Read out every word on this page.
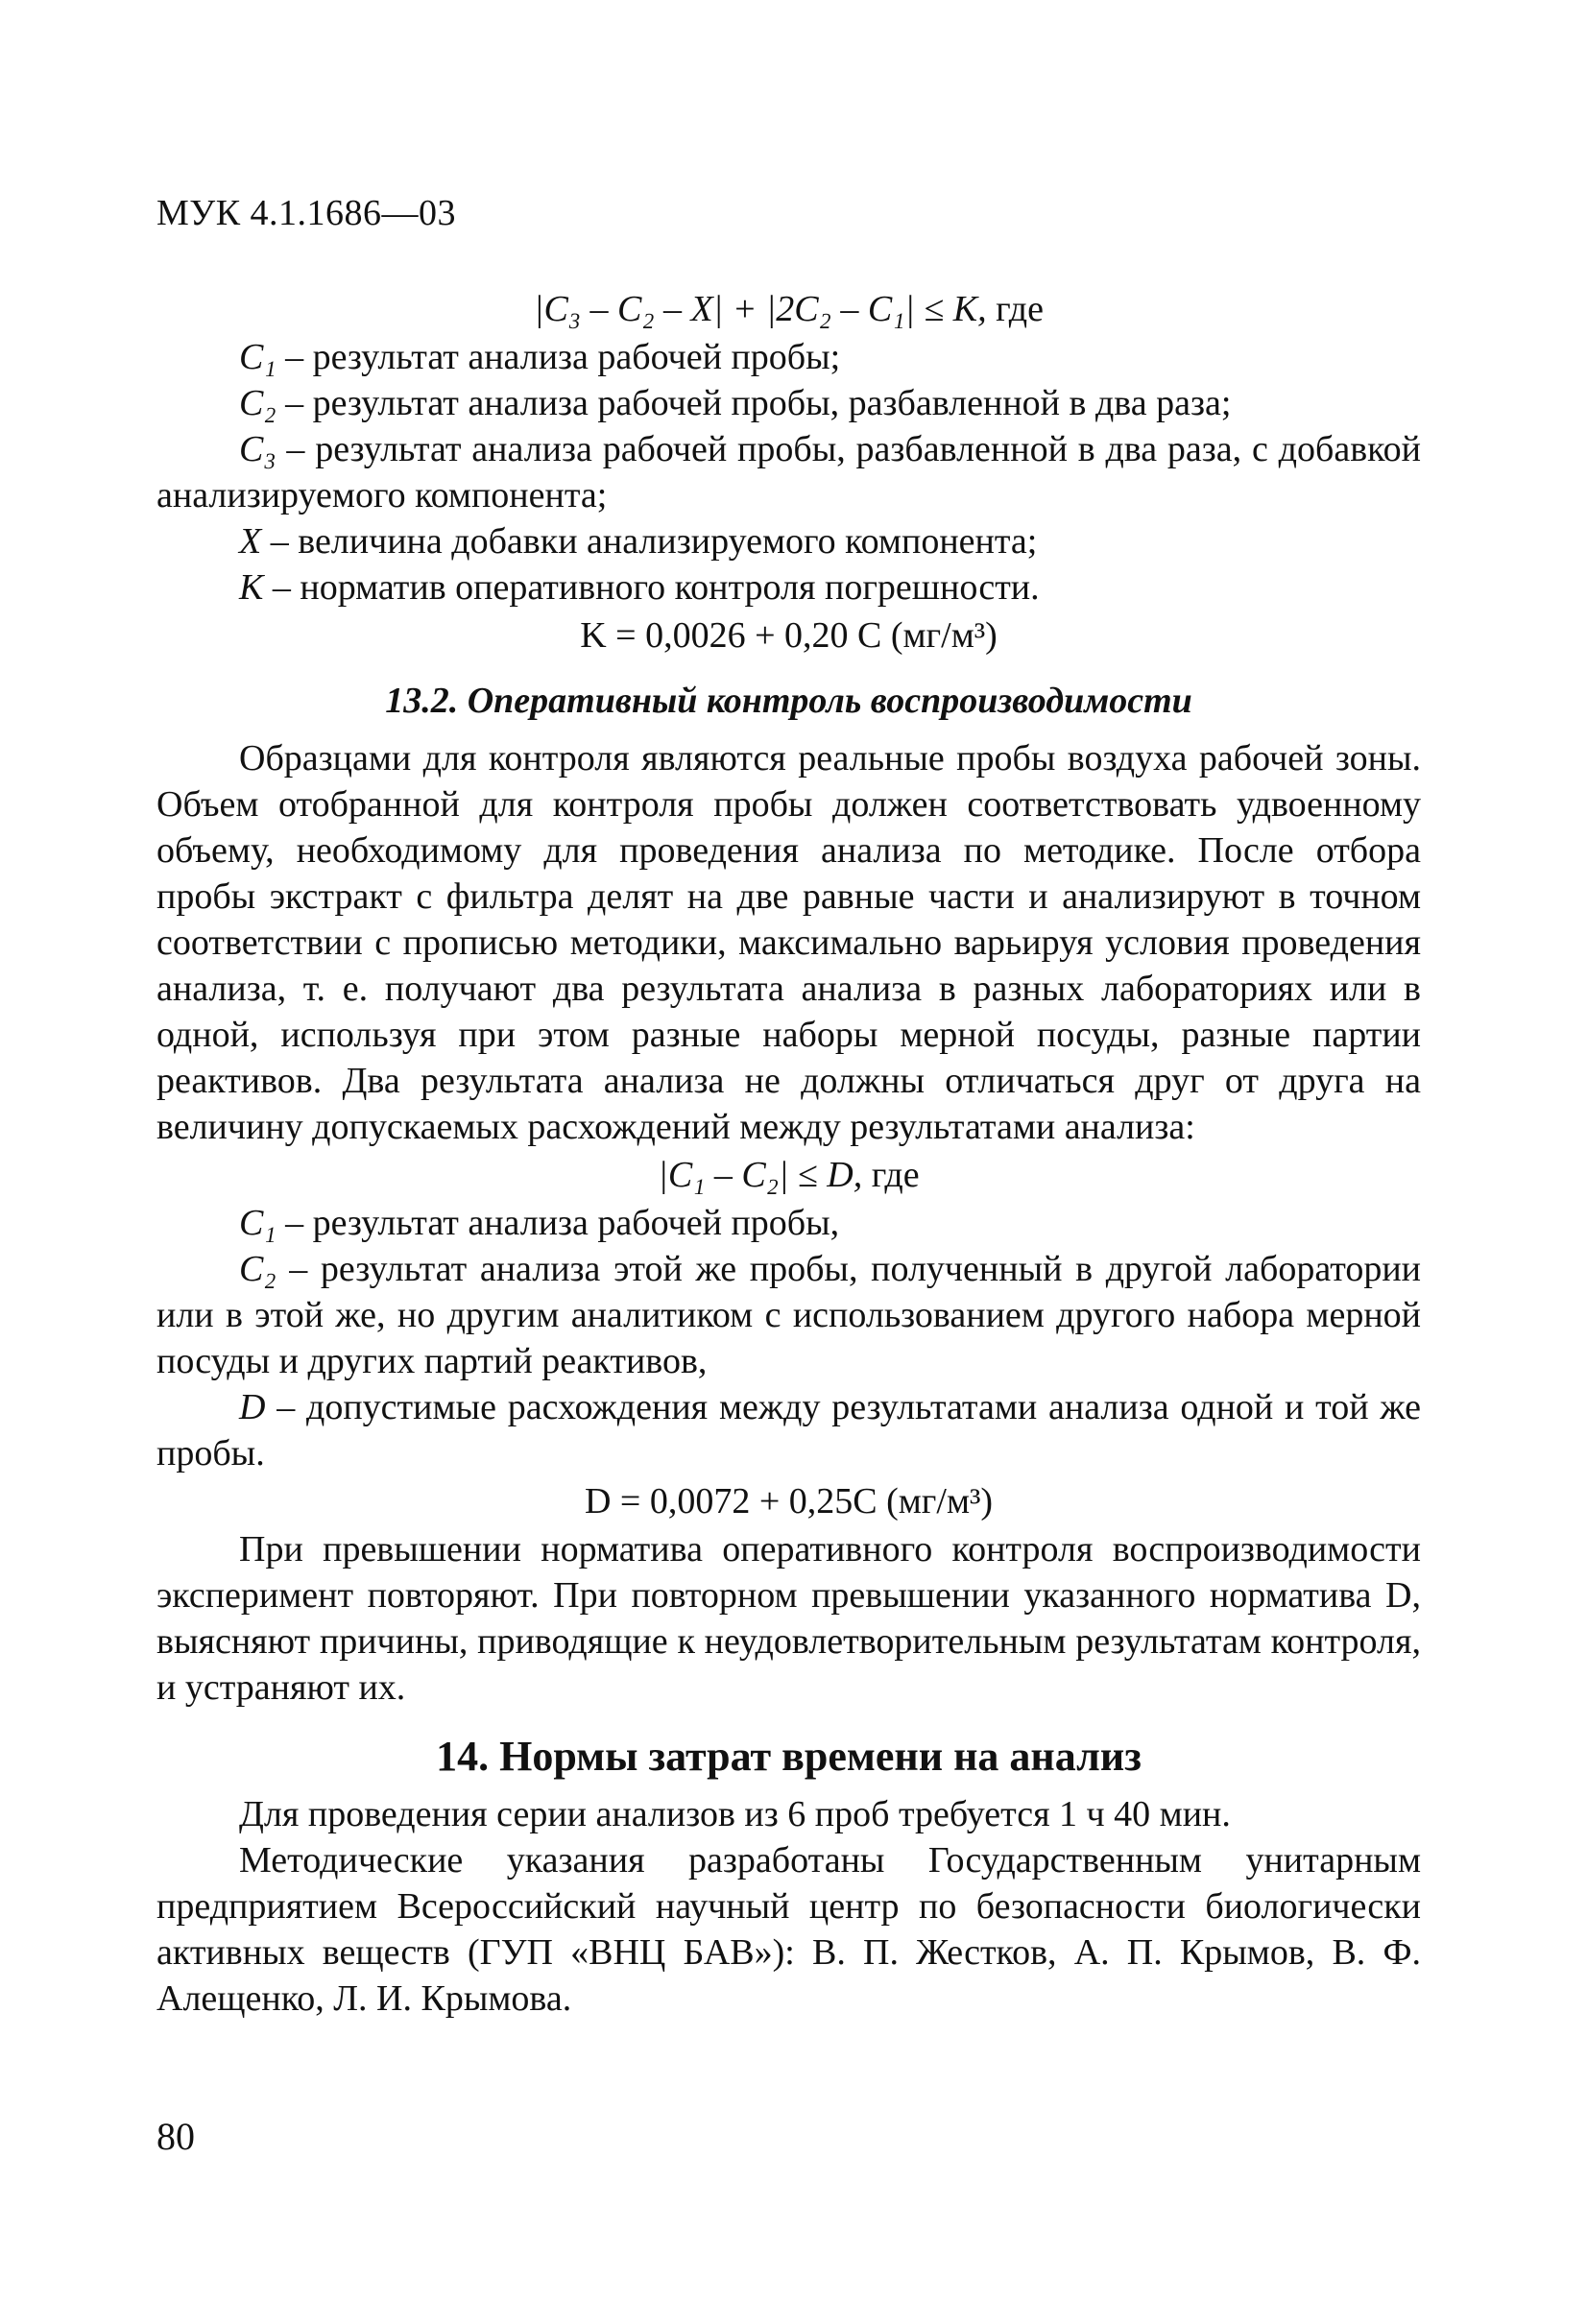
МУК 4.1.1686—03
|C₃ – C₂ – X| + |2C₂ – C₁| ≤ K, где

C₁ – результат анализа рабочей пробы;

C₂ – результат анализа рабочей пробы, разбавленной в два раза;

C₃ – результат анализа рабочей пробы, разбавленной в два раза, с добавкой анализируемого компонента;

X – величина добавки анализируемого компонента;

K – норматив оперативного контроля погрешности.

K = 0,0026 + 0,20 C (мг/м³)
13.2. Оперативный контроль воспроизводимости

Образцами для контроля являются реальные пробы воздуха рабочей зоны. Объем отобранной для контроля пробы должен соответствовать удвоенному объему, необходимому для проведения анализа по методике. После отбора пробы экстракт с фильтра делят на две равные части и анализируют в точном соответствии с прописью методики, максимально варьируя условия проведения анализа, т. е. получают два результата анализа в разных лабораториях или в одной, используя при этом разные наборы мерной посуды, разные партии реактивов. Два результата анализа не должны отличаться друг от друга на величину допускаемых расхождений между результатами анализа:

|C₁ – C₂| ≤ D, где

C₁ – результат анализа рабочей пробы,

C₂ – результат анализа этой же пробы, полученный в другой лаборатории или в этой же, но другим аналитиком с использованием другого набора мерной посуды и других партий реактивов,

D – допустимые расхождения между результатами анализа одной и той же пробы.

D = 0,0072 + 0,25C (мг/м³)

При превышении норматива оперативного контроля воспроизводимости эксперимент повторяют. При повторном превышении указанного норматива D, выясняют причины, приводящие к неудовлетворительным результатам контроля, и устраняют их.

14. Нормы затрат времени на анализ

Для проведения серии анализов из 6 проб требуется 1 ч 40 мин.

Методические указания разработаны Государственным унитарным предприятием Всероссийский научный центр по безопасности биологически активных веществ (ГУП «ВНЦ БАВ»): В. П. Жестков, А. П. Крымов, В. Ф. Алещенко, Л. И. Крымова.

80
